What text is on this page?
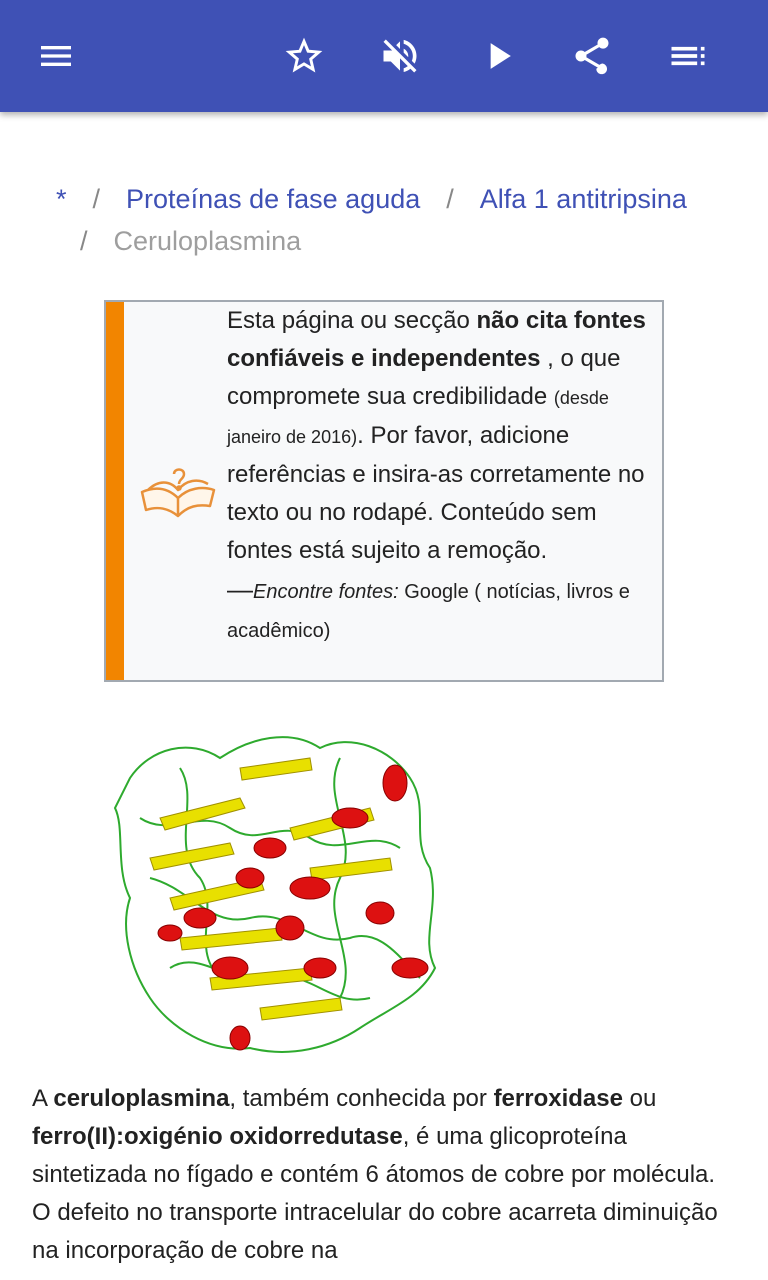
* / Proteínas de fase aguda / Alfa 1 antitripsina
/ Ceruloplasmina
Esta página ou secção não cita fontes confiáveis e independentes , o que compromete sua credibilidade (desde janeiro de 2016). Por favor, adicione referências e insira-as corretamente no texto ou no rodapé. Conteúdo sem fontes está sujeito a remoção.
—Encontre fontes: Google ( notícias, livros e acadêmico)
A ceruloplasmina, também conhecida por ferroxidase ou ferro(II):oxigénio oxidorredutase, é uma glicoproteína sintetizada no fígado e contém 6 átomos de cobre por molécula. O defeito no transporte intracelular do cobre acarreta diminuição na incorporação de cobre na
